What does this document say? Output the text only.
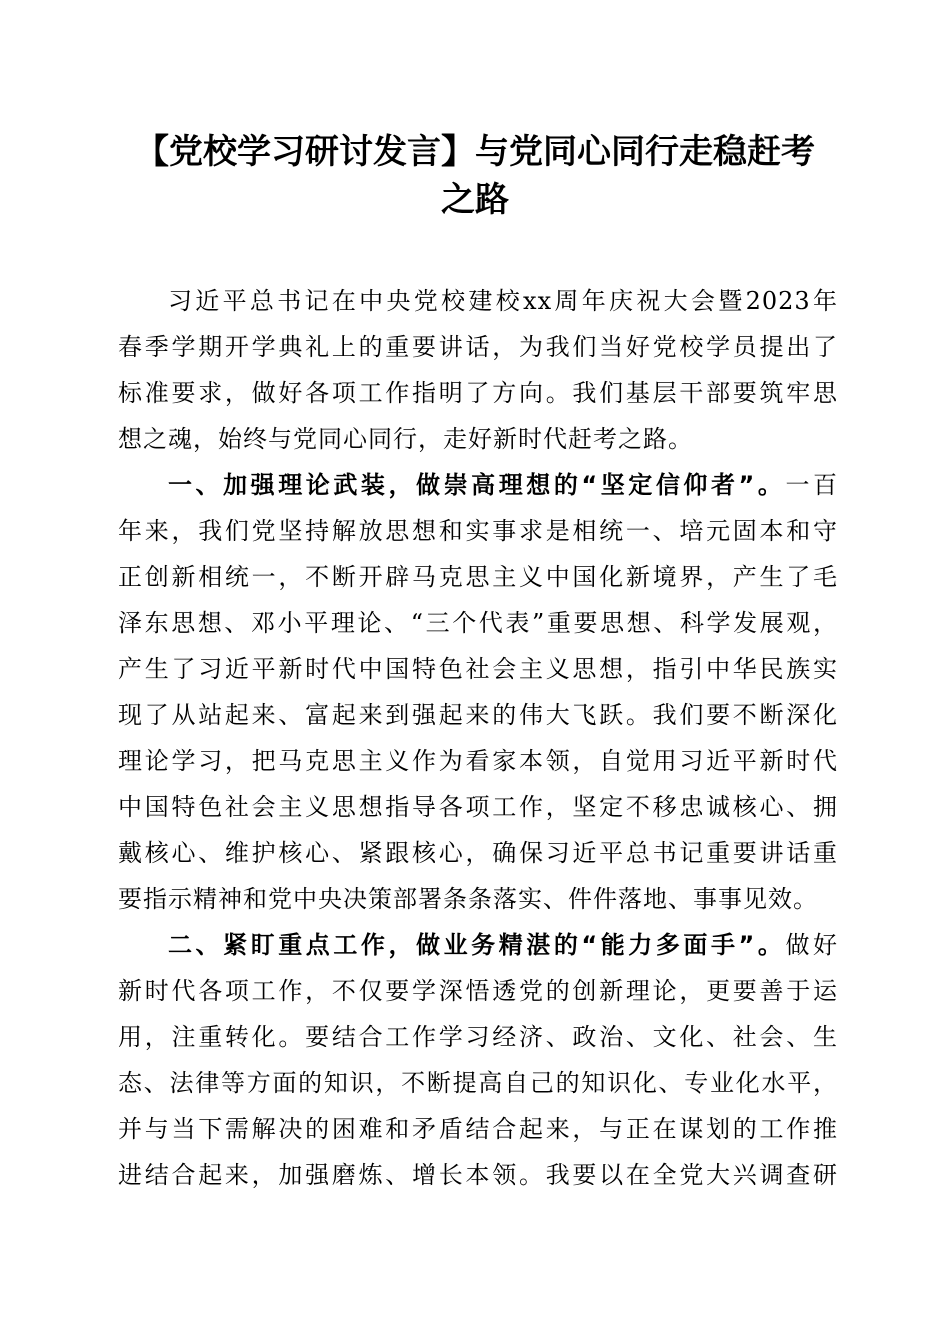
【党校学习研讨发言】与党同心同行走稳赶考
之路
习近平总书记在中央党校建校xx周年庆祝大会暨2023年
春季学期开学典礼上的重要讲话，为我们当好党校学员提出了
标准要求，做好各项工作指明了方向。我们基层干部要筑牢思
想之魂，始终与党同心同行，走好新时代赶考之路。
一、加强理论武装，做崇高理想的“坚定信仰者”。一百
年来，我们党坚持解放思想和实事求是相统一、培元固本和守
正创新相统一，不断开辟马克思主义中国化新境界，产生了毛
泽东思想、邓小平理论、“三个代表”重要思想、科学发展观，
产生了习近平新时代中国特色社会主义思想，指引中华民族实
现了从站起来、富起来到强起来的伟大飞跃。我们要不断深化
理论学习，把马克思主义作为看家本领，自觉用习近平新时代
中国特色社会主义思想指导各项工作，坚定不移忠诚核心、拥
戴核心、维护核心、紧跟核心，确保习近平总书记重要讲话重
要指示精神和党中央决策部署条条落实、件件落地、事事见效。
二、紧盯重点工作，做业务精湛的“能力多面手”。做好
新时代各项工作，不仅要学深悟透党的创新理论，更要善于运
用，注重转化。要结合工作学习经济、政治、文化、社会、生
态、法律等方面的知识，不断提高自己的知识化、专业化水平，
并与当下需解决的困难和矛盾结合起来，与正在谋划的工作推
进结合起来，加强磨炼、增长本领。我要以在全党大兴调查研
